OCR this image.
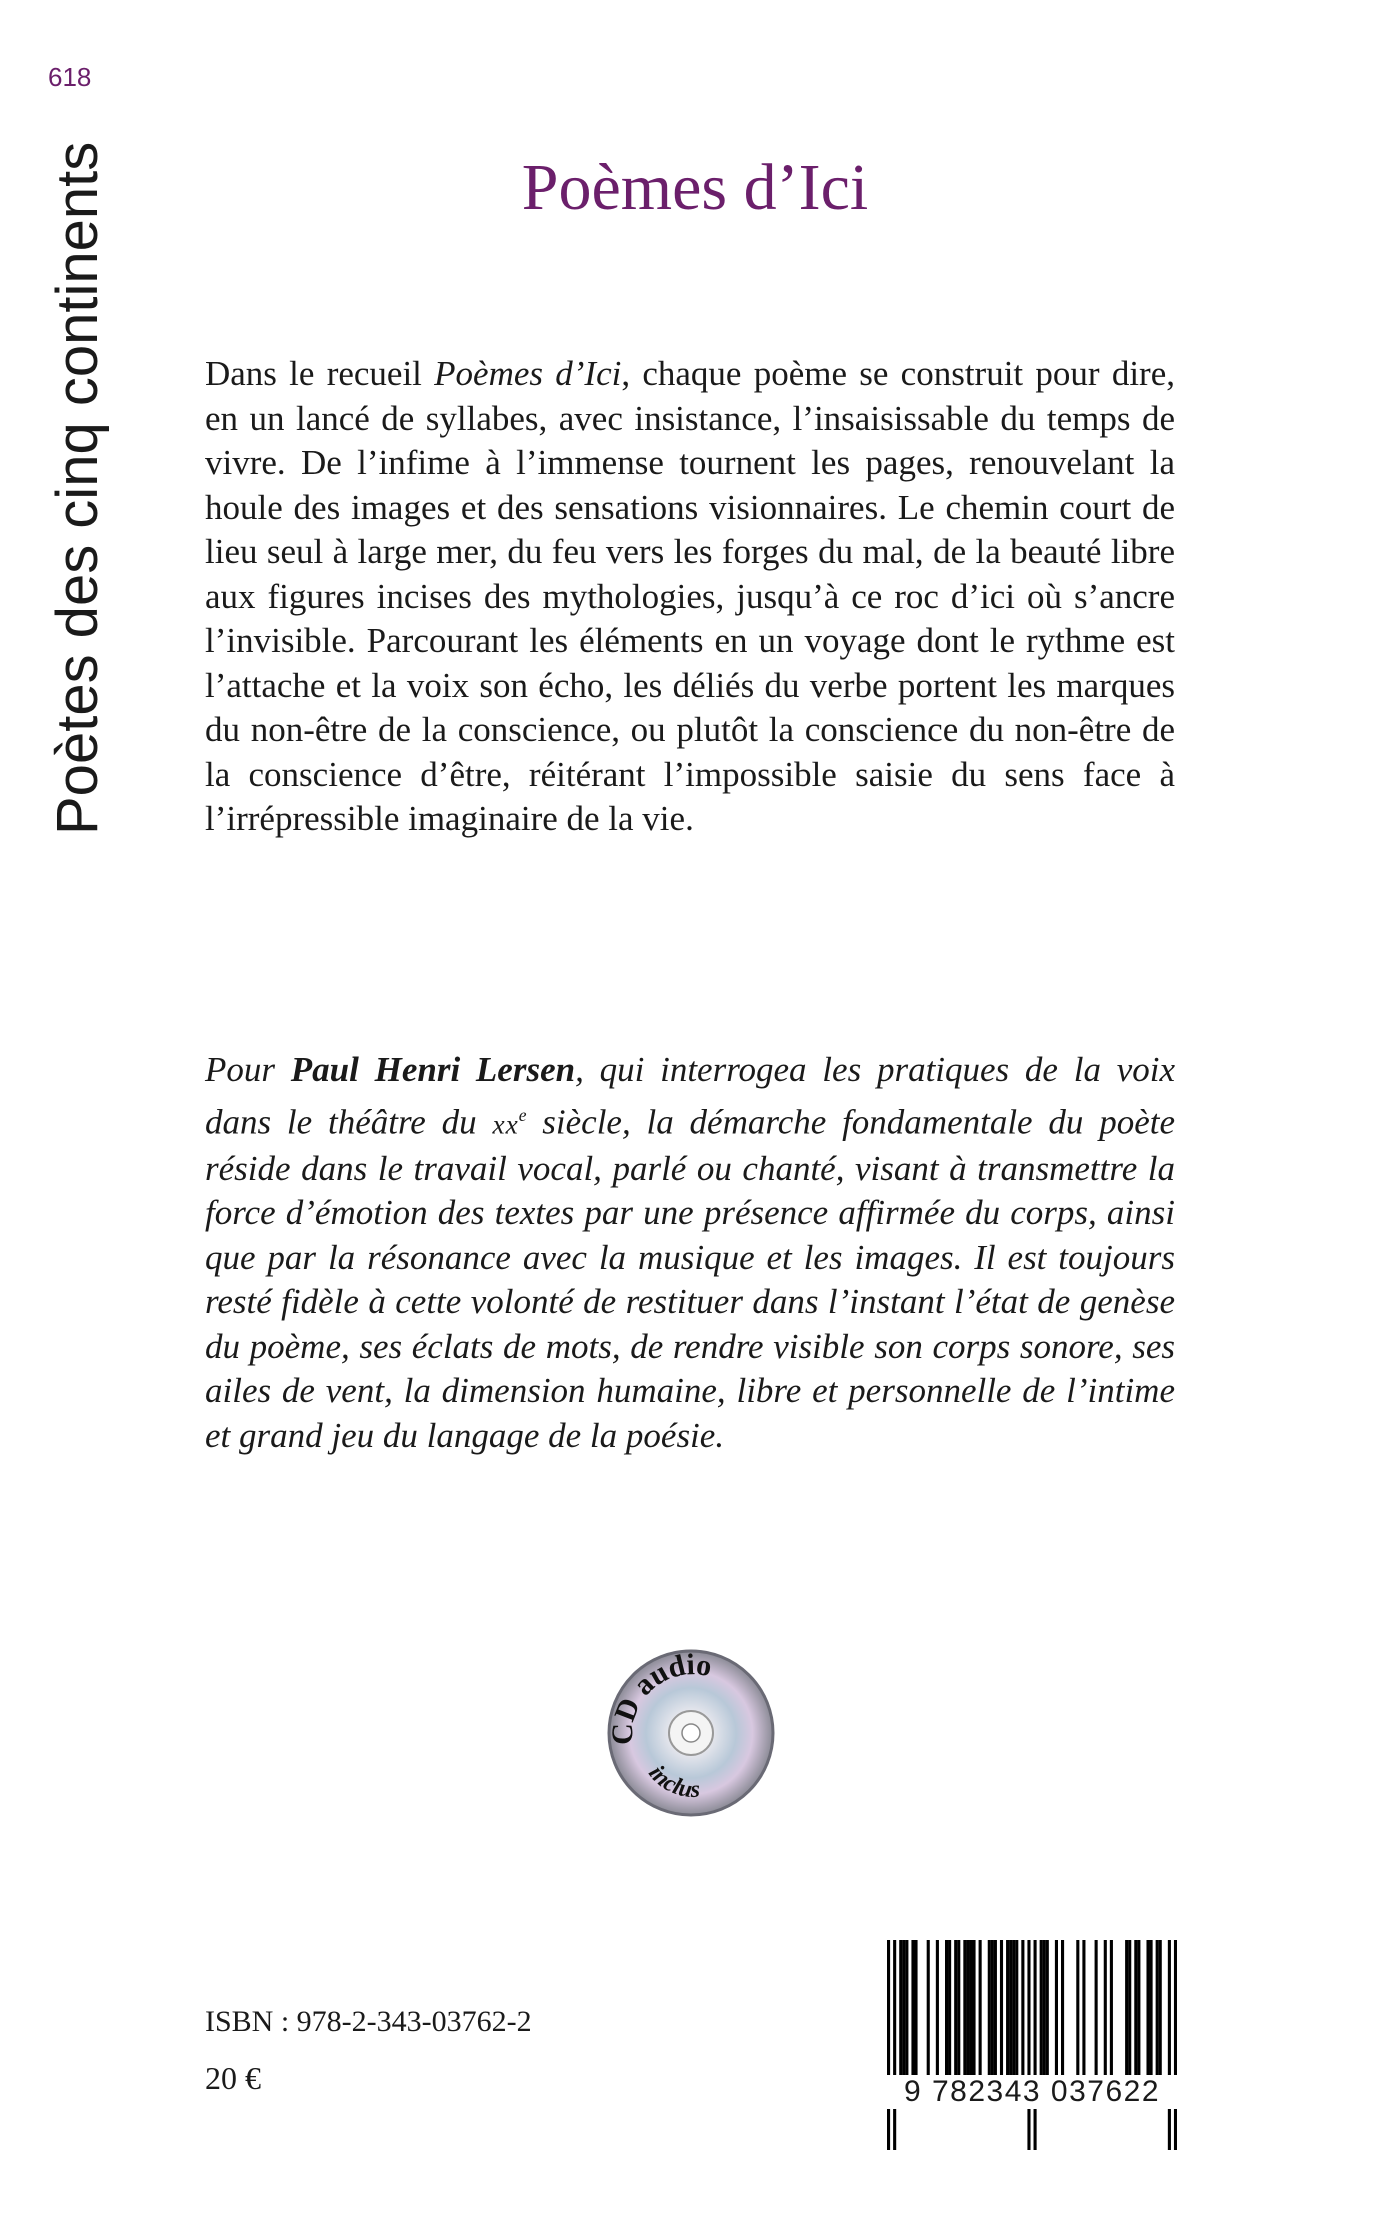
618
Poètes des cinq continents	Poèmes d’Ici

Dans le recueil Poèmes d’Ici, chaque poème se construit pour dire, en un lancé de syllabes, avec insistance, l’insaisissable du temps de vivre. De l’infime à l’immense tournent les pages, renouvelant la houle des images et des sensations visionnaires. Le chemin court de lieu seul à large mer, du feu vers les forges du mal, de la beauté libre aux figures incises des mythologies, jusqu’à ce roc d’ici où s’ancre l’invisible. Parcourant les éléments en un voyage dont le rythme est l’attache et la voix son écho, les déliés du verbe portent les marques du non-être de la conscience, ou plutôt la conscience du non-être de la conscience d’être, réitérant l’impossible saisie du sens face à l’irrépressible imaginaire de la vie.

Pour Paul Henri Lersen, qui interrogea les pratiques de la voix dans le théâtre du $xx^e$ siècle, la démarche fondamentale du poète réside dans le travail vocal, parlé ou chanté, visant à transmettre la force d’émotion des textes par une présence affirmée du corps, ainsi que par la résonance avec la musique et les images. Il est toujours resté fidèle à cette volonté de restituer dans l’instant l’état de genèse du poème, ses éclats de mots, de rendre visible son corps sonore, ses ailes de vent, la dimension humaine, libre et personnelle de l’intime et grand jeu du langage de la poésie.

CD audio
inclus
ISBN : 978-2-343-03762-2
20 €	9 782343 037622
